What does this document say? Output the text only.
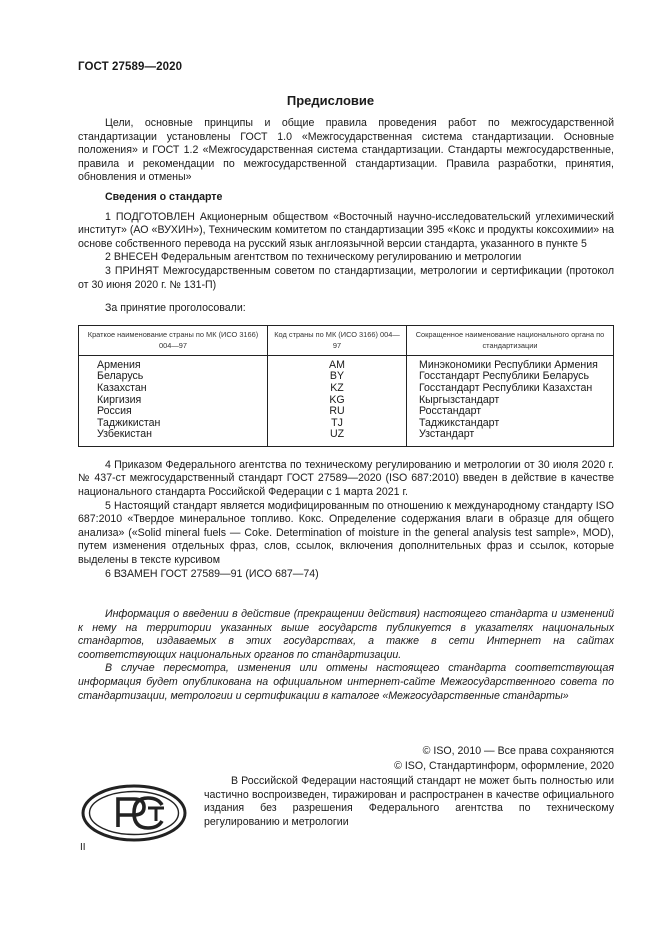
ГОСТ 27589—2020
Предисловие

Цели, основные принципы и общие правила проведения работ по межгосударственной стандартизации установлены ГОСТ 1.0 «Межгосударственная система стандартизации. Основные положения» и ГОСТ 1.2 «Межгосударственная система стандартизации. Стандарты межгосударственные, правила и рекомендации по межгосударственной стандартизации. Правила разработки, принятия, обновления и отмены»

Сведения о стандарте

1 ПОДГОТОВЛЕН Акционерным обществом «Восточный научно-исследовательский углехимический институт» (АО «ВУХИН»), Техническим комитетом по стандартизации 395 «Кокс и продукты коксохимии» на основе собственного перевода на русский язык англоязычной версии стандарта, указанного в пункте 5

2 ВНЕСЕН Федеральным агентством по техническому регулированию и метрологии

3 ПРИНЯТ Межгосударственным советом по стандартизации, метрологии и сертификации (протокол от 30 июня 2020 г. № 131-П)

За принятие проголосовали:

Краткое наименование страны по МК (ИСО 3166) 004—97	Код страны по МК (ИСО 3166) 004—97	Сокращенное наименование национального органа по стандартизации
Армения	AM	Минэкономики Республики Армения
Беларусь	BY	Госстандарт Республики Беларусь
Казахстан	KZ	Госстандарт Республики Казахстан
Киргизия	KG	Кыргызстандарт
Россия	RU	Росстандарт
Таджикистан	TJ	Таджикстандарт
Узбекистан	UZ	Узстандарт

4 Приказом Федерального агентства по техническому регулированию и метрологии от 30 июля 2020 г. № 437-ст межгосударственный стандарт ГОСТ 27589—2020 (ISO 687:2010) введен в действие в качестве национального стандарта Российской Федерации с 1 марта 2021 г.

5 Настоящий стандарт является модифицированным по отношению к международному стандарту ISO 687:2010 «Твердое минеральное топливо. Кокс. Определение содержания влаги в образце для общего анализа» («Solid mineral fuels — Coke. Determination of moisture in the general analysis test sample», MOD), путем изменения отдельных фраз, слов, ссылок, включения дополнительных фраз и ссылок, которые выделены в тексте курсивом

6 ВЗАМЕН ГОСТ 27589—91 (ИСО 687—74)

Информация о введении в действие (прекращении действия) настоящего стандарта и изменений к нему на территории указанных выше государств публикуется в указателях национальных стандартов, издаваемых в этих государствах, а также в сети Интернет на сайтах соответствующих национальных органов по стандартизации.

В случае пересмотра, изменения или отмены настоящего стандарта соответствующая информация будет опубликована на официальном интернет-сайте Межгосударственного совета по стандартизации, метрологии и сертификации в каталоге «Межгосударственные стандарты»

© ISO, 2010 — Все права сохраняются
© ISO, Стандартинформ, оформление, 2020

В Российской Федерации настоящий стандарт не может быть полностью или частично воспроизведен, тиражирован и распространен в качестве официального издания без разрешения Федерального агентства по техническому регулированию и метрологии

II
